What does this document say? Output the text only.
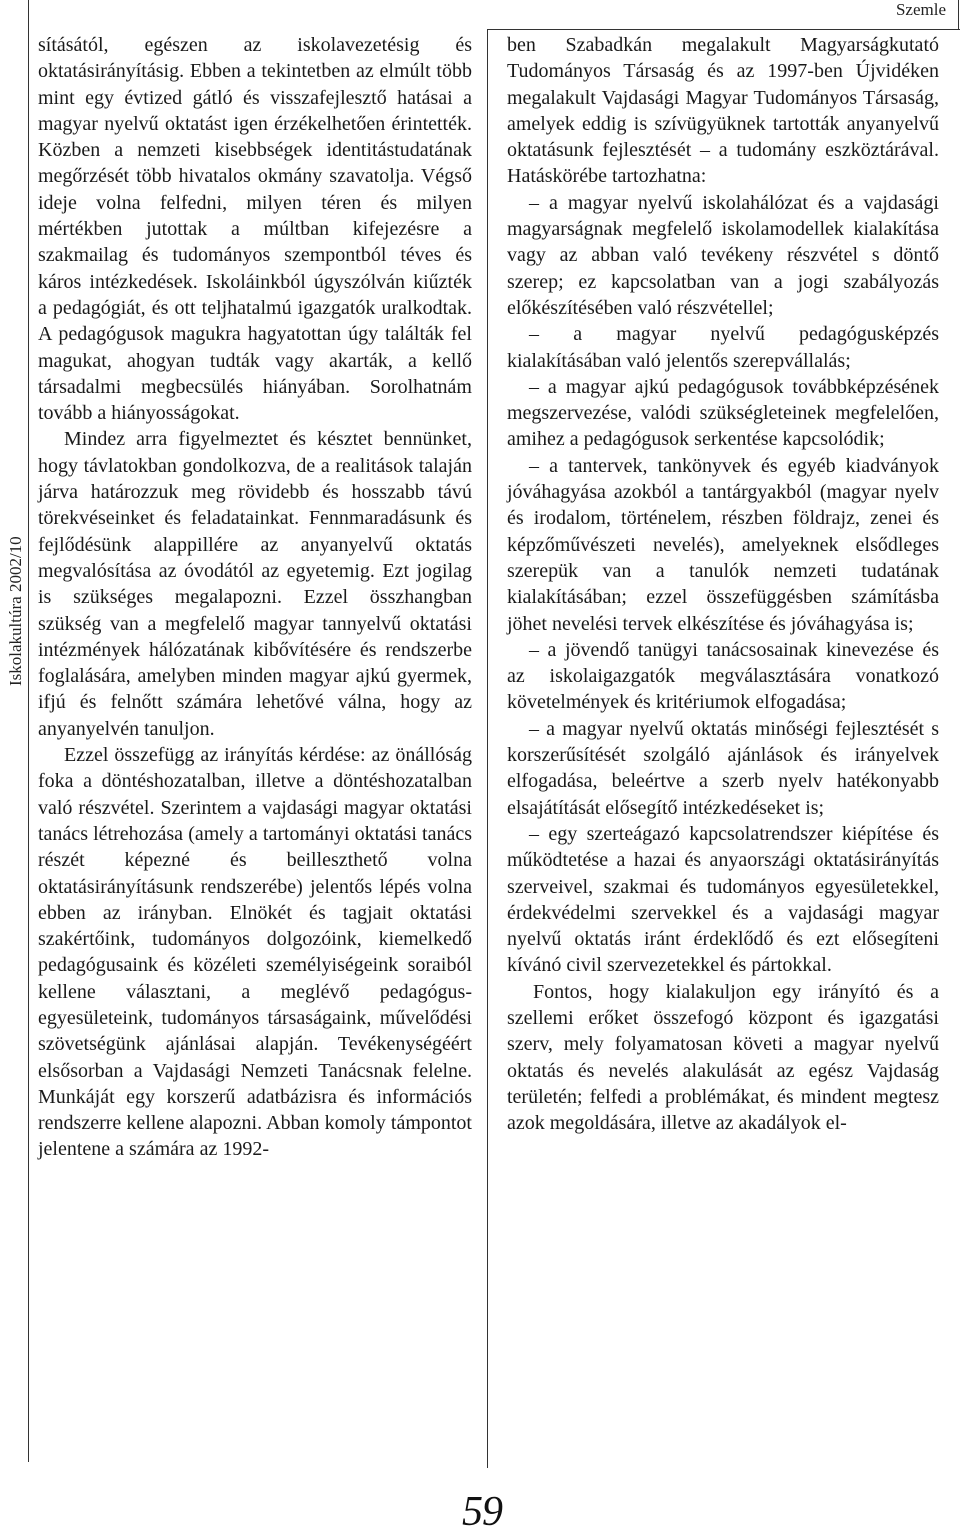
Iskolakultúra 2002/10
Szemle

sításától, egészen az iskolavezetésig és oktatásirányításig. Ebben a tekintetben az elmúlt több mint egy évtized gátló és visszafejlesztő hatásai a magyar nyelvű oktatást igen érzékelhetően érintették. Közben a nemzeti kisebbségek identitástudatának megőrzését több hivatalos okmány szavatolja. Végső ideje volna felfedni, milyen téren és milyen mértékben jutottak a múltban kifejezésre a szakmailag és tudományos szempontból téves és káros intézkedések. Iskoláinkból úgyszólván kiűzték a pedagógiát, és ott teljhatalmú igazgatók uralkodtak. A pedagógusok magukra hagyatottan úgy találták fel magukat, ahogyan tudták vagy akarták, a kellő társadalmi megbecsülés hiányában. Sorolhatnám tovább a hiányosságokat.

Mindez arra figyelmeztet és késztet bennünket, hogy távlatokban gondolkozva, de a realitások talaján járva határozzuk meg rövidebb és hosszabb távú törekvéseinket és feladatainkat. Fennmaradásunk és fejlődésünk alappillére az anyanyelvű oktatás megvalósítása az óvodától az egyetemig. Ezt jogilag is szükséges megalapozni. Ezzel összhangban szükség van a megfelelő magyar tannyelvű oktatási intézmények hálózatának kibővítésére és rendszerbe foglalására, amelyben minden magyar ajkú gyermek, ifjú és felnőtt számára lehetővé válna, hogy az anyanyelvén tanuljon.

Ezzel összefügg az irányítás kérdése: az önállóság foka a döntéshozatalban, illetve a döntéshozatalban való részvétel. Szerintem a vajdasági magyar oktatási tanács létrehozása (amely a tartományi oktatási tanács részét képezné és beilleszthető volna oktatásirányításunk rendszerébe) jelentős lépés volna ebben az irányban. Elnökét és tagjait oktatási szakértőink, tudományos dolgozóink, kiemelkedő pedagógusaink és közéleti személyiségeink soraiból kellene választani, a meglévő pedagógus-egyesületeink, tudományos társaságaink, művelődési szövetségünk ajánlásai alapján. Tevékenységéért elsősorban a Vajdasági Nemzeti Tanácsnak felelne. Munkáját egy korszerű adatbázisra és információs rendszerre kellene alapozni. Abban komoly támpontot jelentene a számára az 1992-

ben Szabadkán megalakult Magyarságkutató Tudományos Társaság és az 1997-ben Újvidéken megalakult Vajdasági Magyar Tudományos Társaság, amelyek eddig is szívügyüknek tartották anyanyelvű oktatásunk fejlesztését – a tudomány eszköztárával. Hatáskörébe tartozhatna:

– a magyar nyelvű iskolahálózat és a vajdasági magyarságnak megfelelő iskolamodellek kialakítása vagy az abban való tevékeny részvétel s döntő szerep; ez kapcsolatban van a jogi szabályozás előkészítésében való részvétellel;

– a magyar nyelvű pedagógusképzés kialakításában való jelentős szerepvállalás;

– a magyar ajkú pedagógusok továbbképzésének megszervezése, valódi szükségleteinek megfelelően, amihez a pedagógusok serkentése kapcsolódik;

– a tantervek, tankönyvek és egyéb kiadványok jóváhagyása azokból a tantárgyakból (magyar nyelv és irodalom, történelem, részben földrajz, zenei és képzőművészeti nevelés), amelyeknek elsődleges szerepük van a tanulók nemzeti tudatának kialakításában; ezzel összefüggésben számításba jöhet nevelési tervek elkészítése és jóváhagyása is;

– a jövendő tanügyi tanácsosainak kinevezése és az iskolaigazgatók megválasztására vonatkozó követelmények és kritériumok elfogadása;

– a magyar nyelvű oktatás minőségi fejlesztését s korszerűsítését szolgáló ajánlások és irányelvek elfogadása, beleértve a szerb nyelv hatékonyabb elsajátítását elősegítő intézkedéseket is;

– egy szerteágazó kapcsolatrendszer kiépítése és működtetése a hazai és anyaországi oktatásirányítás szerveivel, szakmai és tudományos egyesületekkel, érdekvédelmi szervekkel és a vajdasági magyar nyelvű oktatás iránt érdeklődő és ezt elősegíteni kívánó civil szervezetekkel és pártokkal.

Fontos, hogy kialakuljon egy irányító és a szellemi erőket összefogó központ és igazgatási szerv, mely folyamatosan követi a magyar nyelvű oktatás és nevelés alakulását az egész Vajdaság területén; felfedi a problémákat, és mindent megtesz azok megoldására, illetve az akadályok el-

59
